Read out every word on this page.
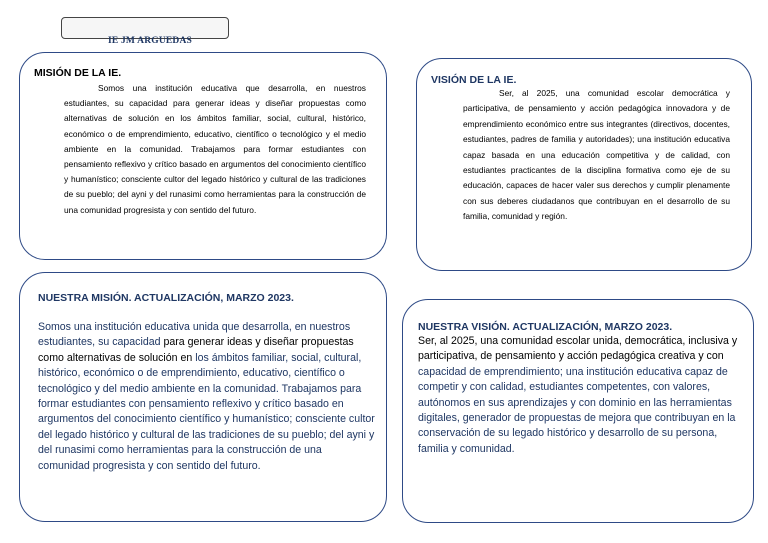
IE JM ARGUEDAS
MISIÓN DE LA IE.
Somos una institución educativa que desarrolla, en nuestros estudiantes, su capacidad para generar ideas y diseñar propuestas como alternativas de solución en los ámbitos familiar, social, cultural, histórico, económico o de emprendimiento, educativo, científico o tecnológico y el medio ambiente en la comunidad. Trabajamos para formar estudiantes con pensamiento reflexivo y crítico basado en argumentos del conocimiento científico y humanístico; consciente cultor del legado histórico y cultural de las tradiciones de su pueblo; del ayni y del runasimi como herramientas para la construcción de una comunidad progresista y con sentido del futuro.
VISIÓN DE LA IE.
Ser, al 2025, una comunidad escolar democrática y participativa, de pensamiento y acción pedagógica innovadora y de emprendimiento económico entre sus integrantes (directivos, docentes, estudiantes, padres de familia y autoridades); una institución educativa capaz basada en una educación competitiva y de calidad, con estudiantes practicantes de la disciplina formativa como eje de su educación, capaces de hacer valer sus derechos y cumplir plenamente con sus deberes ciudadanos que contribuyan en el desarrollo de su familia, comunidad y región.
NUESTRA MISIÓN. ACTUALIZACIÓN, MARZO 2023.
Somos una institución educativa unida que desarrolla, en nuestros estudiantes, su capacidad para generar ideas y diseñar propuestas como alternativas de solución en los ámbitos familiar, social, cultural, histórico, económico o de emprendimiento, educativo, científico o tecnológico y del medio ambiente en la comunidad. Trabajamos para formar estudiantes con pensamiento reflexivo y crítico basado en argumentos del conocimiento científico y humanístico; consciente cultor del legado histórico y cultural de las tradiciones de su pueblo; del ayni y del runasimi como herramientas para la construcción de una comunidad progresista y con sentido del futuro.
NUESTRA VISIÓN. ACTUALIZACIÓN, MARZO 2023.
Ser, al 2025, una comunidad escolar unida, democrática, inclusiva y participativa, de pensamiento y acción pedagógica creativa y con capacidad de emprendimiento; una institución educativa capaz de competir y con calidad, estudiantes competentes, con valores, autónomos en sus aprendizajes y con dominio en las herramientas digitales, generador de propuestas de mejora que contribuyan en la conservación de su legado histórico y desarrollo de su persona, familia y comunidad.
